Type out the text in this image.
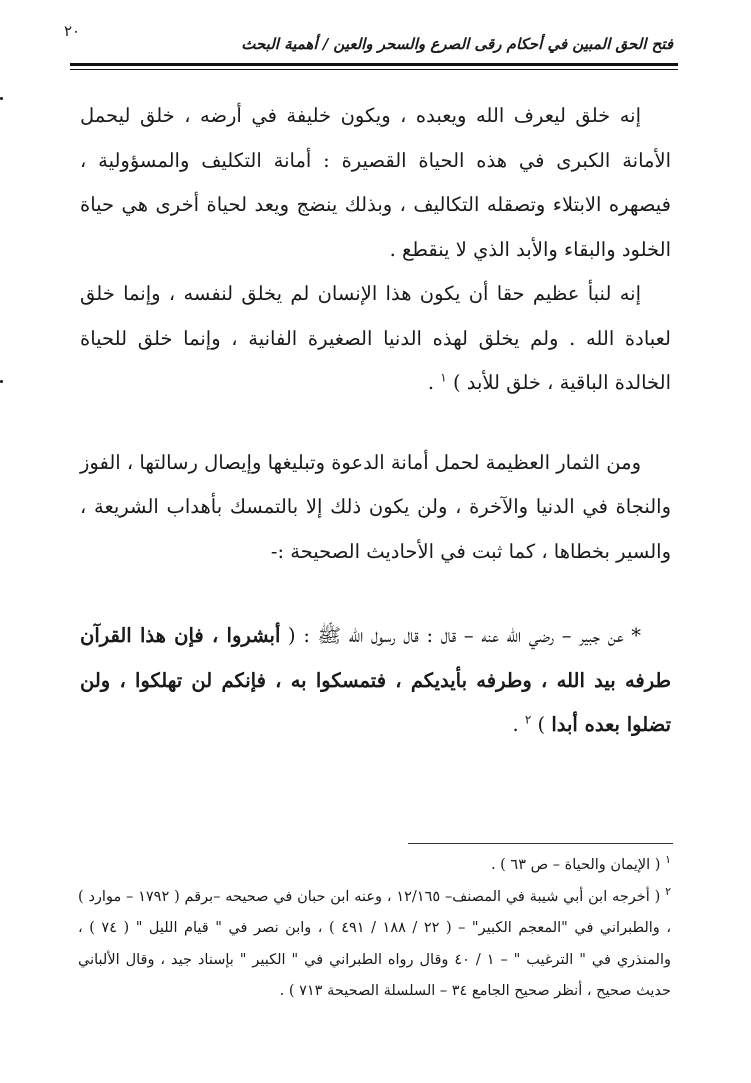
٢٠

فتح الحق المبين في أحكام رقى الصرع والسحر والعين / أهمية البحث

إنه خلق ليعرف الله ويعبده ، ويكون خليفة في أرضه ، خلق ليحمل الأمانة الكبرى في هذه الحياة القصيرة : أمانة التكليف والمسؤولية ، فيصهره الابتلاء وتصقله التكاليف ، وبذلك ينضج ويعد لحياة أخرى هي حياة الخلود والبقاء والأبد الذي لا ينقطع .

إنه لنبأ عظيم حقا أن يكون هذا الإنسان لم يخلق لنفسه ، وإنما خلق لعبادة الله . ولم يخلق لهذه الدنيا الصغيرة الفانية ، وإنما خلق للحياة الخالدة الباقية ، خلق للأبد ) $^١$ .

ومن الثمار العظيمة لحمل أمانة الدعوة وتبليغها وإيصال رسالتها ، الفوز والنجاة في الدنيا والآخرة ، ولن يكون ذلك إلا بالتمسك بأهداب الشريعة ، والسير بخطاها ، كما ثبت في الأحاديث الصحيحة :-

* عن جبير – رضي الله عنه – قال : قال رسول الله ﷺ : ( أبشروا ، فإن هذا القرآن طرفه بيد الله ، وطرفه بأيديكم ، فتمسكوا به ، فإنكم لن تهلكوا ، ولن تضلوا بعده أبدا ) $^٢$ .

$^١$ ( الإيمان والحياة – ص ٦٣ ) .

$^٢$ ( أخرجه ابن أبي شيبة في المصنف– ١٢/١٦٥ ، وعنه ابن حبان في صحيحه –برقم ( ١٧٩٢ – موارد ) ، والطبراني في "المعجم الكبير" – ( ٢٢ / ١٨٨ / ٤٩١ ) ، وابن نصر في " قيام الليل " ( ٧٤ ) ، والمنذري في " الترغيب " – ١ / ٤٠ وقال رواه الطبراني في " الكبير " بإسناد جيد ، وقال الألباني حديث صحيح ، أنظر صحيح الجامع ٣٤ – السلسلة الصحيحة ٧١٣ ) .
